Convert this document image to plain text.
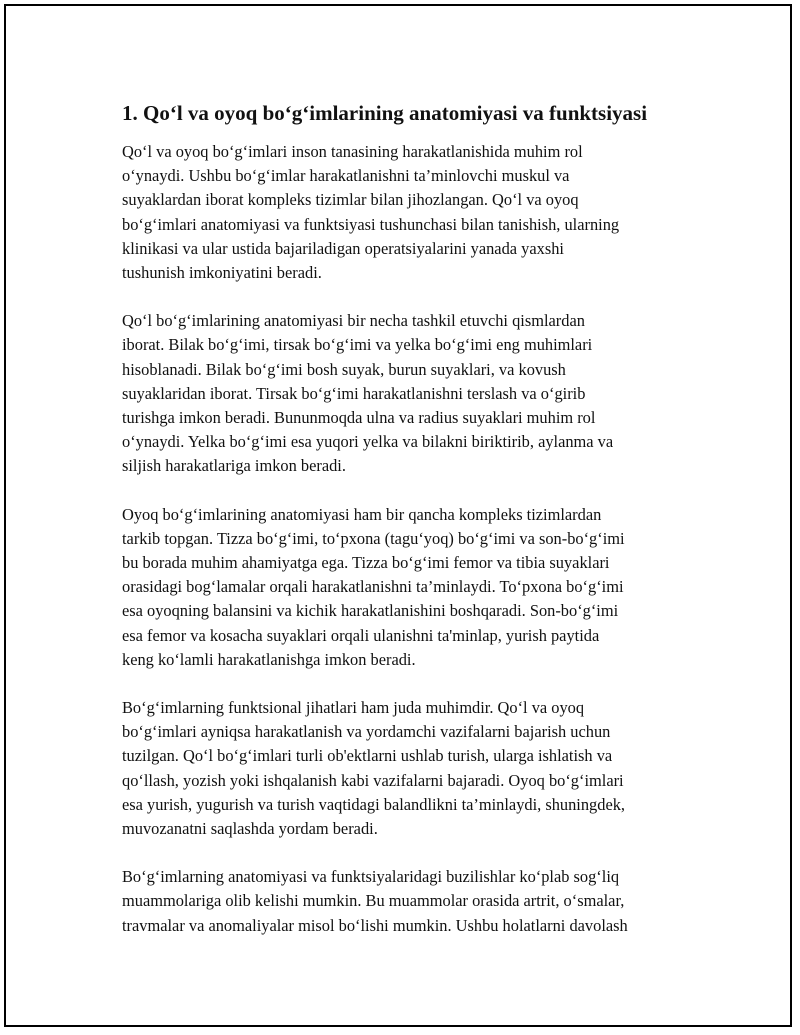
1. Qo‘l va oyoq bo‘g‘imlarining anatomiyasi va funktsiyasi

Qo‘l va oyoq bo‘g‘imlari inson tanasining harakatlanishida muhim rol
o‘ynaydi. Ushbu bo‘g‘imlar harakatlanishni ta’minlovchi muskul va
suyaklardan iborat kompleks tizimlar bilan jihozlangan. Qo‘l va oyoq
bo‘g‘imlari anatomiyasi va funktsiyasi tushunchasi bilan tanishish, ularning
klinikasi va ular ustida bajariladigan operatsiyalarini yanada yaxshi
tushunish imkoniyatini beradi.

Qo‘l bo‘g‘imlarining anatomiyasi bir necha tashkil etuvchi qismlardan
iborat. Bilak bo‘g‘imi, tirsak bo‘g‘imi va yelka bo‘g‘imi eng muhimlari
hisoblanadi. Bilak bo‘g‘imi bosh suyak, burun suyaklari, va kovush
suyaklaridan iborat. Tirsak bo‘g‘imi harakatlanishni terslash va o‘girib
turishga imkon beradi. Bununmoqda ulna va radius suyaklari muhim rol
o‘ynaydi. Yelka bo‘g‘imi esa yuqori yelka va bilakni biriktirib, aylanma va
siljish harakatlariga imkon beradi.

Oyoq bo‘g‘imlarining anatomiyasi ham bir qancha kompleks tizimlardan
tarkib topgan. Tizza bo‘g‘imi, to‘pxona (tagu‘yoq) bo‘g‘imi va son-bo‘g‘imi
bu borada muhim ahamiyatga ega. Tizza bo‘g‘imi femor va tibia suyaklari
orasidagi bog‘lamalar orqali harakatlanishni ta’minlaydi. To‘pxona bo‘g‘imi
esa oyoqning balansini va kichik harakatlanishini boshqaradi. Son-bo‘g‘imi
esa femor va kosacha suyaklari orqali ulanishni ta'minlap, yurish paytida
keng ko‘lamli harakatlanishga imkon beradi.

Bo‘g‘imlarning funktsional jihatlari ham juda muhimdir. Qo‘l va oyoq
bo‘g‘imlari ayniqsa harakatlanish va yordamchi vazifalarni bajarish uchun
tuzilgan. Qo‘l bo‘g‘imlari turli ob'ektlarni ushlab turish, ularga ishlatish va
qo‘llash, yozish yoki ishqalanish kabi vazifalarni bajaradi. Oyoq bo‘g‘imlari
esa yurish, yugurish va turish vaqtidagi balandlikni ta’minlaydi, shuningdek,
muvozanatni saqlashda yordam beradi.

Bo‘g‘imlarning anatomiyasi va funktsiyalaridagi buzilishlar ko‘plab sog‘liq
muammolariga olib kelishi mumkin. Bu muammolar orasida artrit, o‘smalar,
travmalar va anomaliyalar misol bo‘lishi mumkin. Ushbu holatlarni davolash
